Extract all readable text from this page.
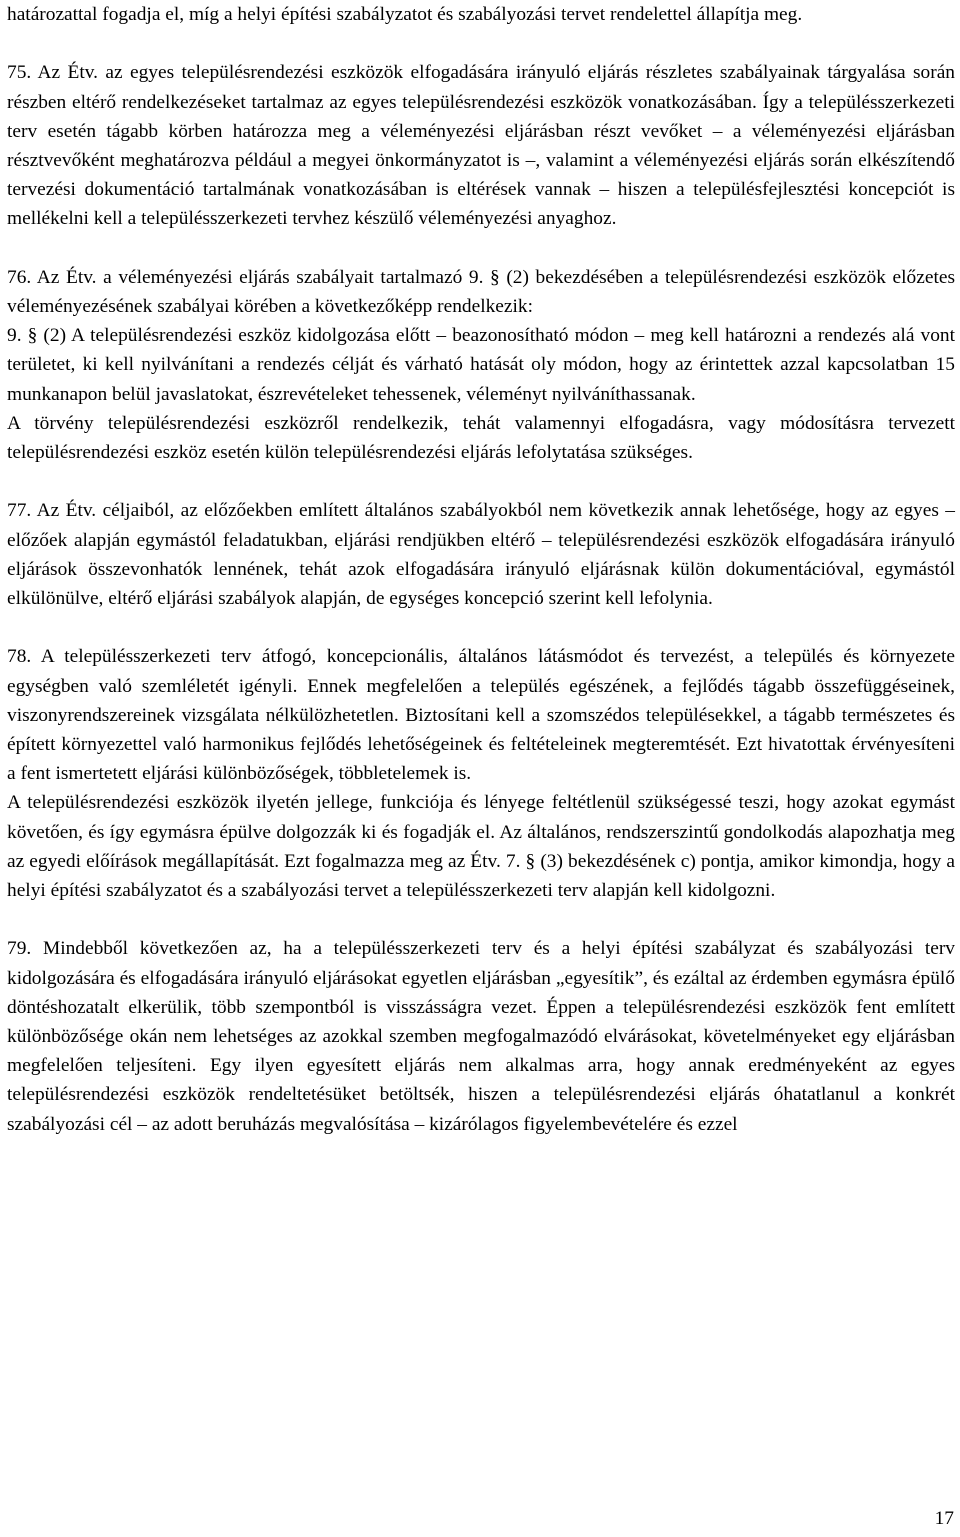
határozattal fogadja el, míg a helyi építési szabályzatot és szabályozási tervet rendelettel állapítja meg.

75. Az Étv. az egyes településrendezési eszközök elfogadására irányuló eljárás részletes szabályainak tárgyalása során részben eltérő rendelkezéseket tartalmaz az egyes településrendezési eszközök vonatkozásában. Így a településszerkezeti terv esetén tágabb körben határozza meg a véleményezési eljárásban részt vevőket – a véleményezési eljárásban résztvevőként meghatározva például a megyei önkormányzatot is –, valamint a véleményezési eljárás során elkészítendő tervezési dokumentáció tartalmának vonatkozásában is eltérések vannak – hiszen a településfejlesztési koncepciót is mellékelni kell a településszerkezeti tervhez készülő véleményezési anyaghoz.

76. Az Étv. a véleményezési eljárás szabályait tartalmazó 9. § (2) bekezdésében a településrendezési eszközök előzetes véleményezésének szabályai körében a következőképp rendelkezik:

9. § (2) A településrendezési eszköz kidolgozása előtt – beazonosítható módon – meg kell határozni a rendezés alá vont területet, ki kell nyilvánítani a rendezés célját és várható hatását oly módon, hogy az érintettek azzal kapcsolatban 15 munkanapon belül javaslatokat, észrevételeket tehessenek, véleményt nyilváníthassanak.

A törvény településrendezési eszközről rendelkezik, tehát valamennyi elfogadásra, vagy módosításra tervezett településrendezési eszköz esetén külön településrendezési eljárás lefolytatása szükséges.

77. Az Étv. céljaiból, az előzőekben említett általános szabályokból nem következik annak lehetősége, hogy az egyes – előzőek alapján egymástól feladatukban, eljárási rendjükben eltérő – településrendezési eszközök elfogadására irányuló eljárások összevonhatók lennének, tehát azok elfogadására irányuló eljárásnak külön dokumentációval, egymástól elkülönülve, eltérő eljárási szabályok alapján, de egységes koncepció szerint kell lefolynia.

78. A településszerkezeti terv átfogó, koncepcionális, általános látásmódot és tervezést, a település és környezete egységben való szemléletét igényli. Ennek megfelelően a település egészének, a fejlődés tágabb összefüggéseinek, viszonyrendszereinek vizsgálata nélkülözhetetlen. Biztosítani kell a szomszédos településekkel, a tágabb természetes és épített környezettel való harmonikus fejlődés lehetőségeinek és feltételeinek megteremtését. Ezt hivatottak érvényesíteni a fent ismertetett eljárási különbözőségek, többletelemek is.

A településrendezési eszközök ilyetén jellege, funkciója és lényege feltétlenül szükségessé teszi, hogy azokat egymást követően, és így egymásra épülve dolgozzák ki és fogadják el. Az általános, rendszerszintű gondolkodás alapozhatja meg az egyedi előírások megállapítását. Ezt fogalmazza meg az Étv. 7. § (3) bekezdésének c) pontja, amikor kimondja, hogy a helyi építési szabályzatot és a szabályozási tervet a településszerkezeti terv alapján kell kidolgozni.

79. Mindebből következően az, ha a településszerkezeti terv és a helyi építési szabályzat és szabályozási terv kidolgozására és elfogadására irányuló eljárásokat egyetlen eljárásban „egyesítik”, és ezáltal az érdemben egymásra épülő döntéshozatalt elkerülik, több szempontból is visszásságra vezet. Éppen a településrendezési eszközök fent említett különbözősége okán nem lehetséges az azokkal szemben megfogalmazódó elvárásokat, követelményeket egy eljárásban megfelelően teljesíteni. Egy ilyen egyesített eljárás nem alkalmas arra, hogy annak eredményeként az egyes településrendezési eszközök rendeltetésüket betöltsék, hiszen a településrendezési eljárás óhatatlanul a konkrét szabályozási cél – az adott beruházás megvalósítása – kizárólagos figyelembevételére és ezzel

17
